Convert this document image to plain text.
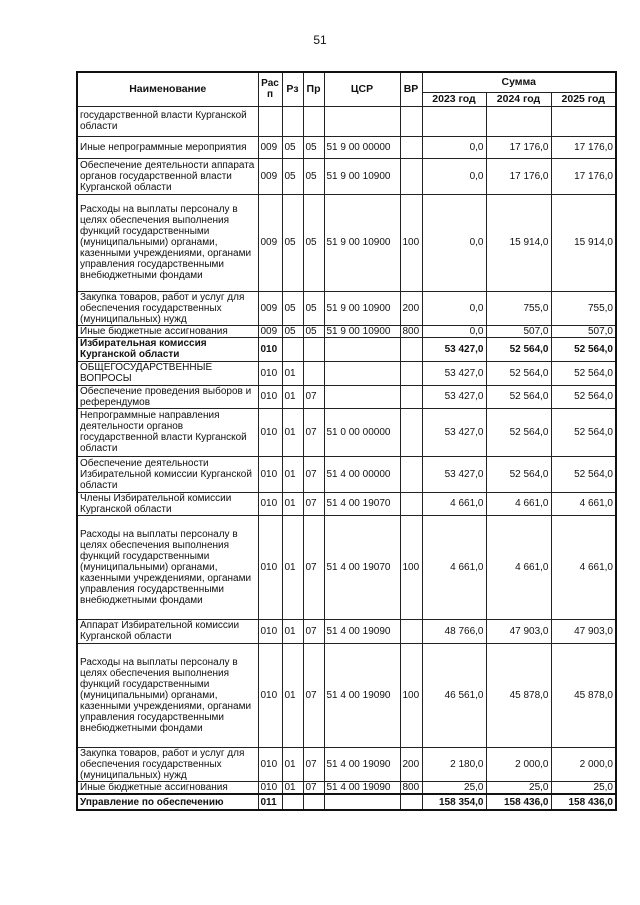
51
Наименование	Рас п	Рз	Пр	ЦСР	ВР	Сумма		
						2023 год	2024 год	2025 год
государственной власти Курганской области								
Иные непрограммные мероприятия	009	05	05	51 9 00 00000		0,0	17 176,0	17 176,0
Обеспечение деятельности аппарата органов государственной власти Курганской области	009	05	05	51 9 00 10900		0,0	17 176,0	17 176,0
Расходы на выплаты персоналу в целях обеспечения выполнения функций государственными (муниципальными) органами, казенными учреждениями, органами управления государственными внебюджетными фондами	009	05	05	51 9 00 10900	100	0,0	15 914,0	15 914,0
Закупка товаров, работ и услуг для обеспечения государственных (муниципальных) нужд	009	05	05	51 9 00 10900	200	0,0	755,0	755,0
Иные бюджетные ассигнования	009	05	05	51 9 00 10900	800	0,0	507,0	507,0
Избирательная комиссия Курганской области	010					53 427,0	52 564,0	52 564,0
ОБЩЕГОСУДАРСТВЕННЫЕ ВОПРОСЫ	010	01				53 427,0	52 564,0	52 564,0
Обеспечение проведения выборов и референдумов	010	01	07			53 427,0	52 564,0	52 564,0
Непрограммные направления деятельности органов государственной власти Курганской области	010	01	07	51 0 00 00000		53 427,0	52 564,0	52 564,0
Обеспечение деятельности Избирательной комиссии Курганской области	010	01	07	51 4 00 00000		53 427,0	52 564,0	52 564,0
Члены Избирательной комиссии Курганской области	010	01	07	51 4 00 19070		4 661,0	4 661,0	4 661,0
Расходы на выплаты персоналу в целях обеспечения выполнения функций государственными (муниципальными) органами, казенными учреждениями, органами управления государственными внебюджетными фондами	010	01	07	51 4 00 19070	100	4 661,0	4 661,0	4 661,0
Аппарат Избирательной комиссии Курганской области	010	01	07	51 4 00 19090		48 766,0	47 903,0	47 903,0
Расходы на выплаты персоналу в целях обеспечения выполнения функций государственными (муниципальными) органами, казенными учреждениями, органами управления государственными внебюджетными фондами	010	01	07	51 4 00 19090	100	46 561,0	45 878,0	45 878,0
Закупка товаров, работ и услуг для обеспечения государственных (муниципальных) нужд	010	01	07	51 4 00 19090	200	2 180,0	2 000,0	2 000,0
Иные бюджетные ассигнования	010	01	07	51 4 00 19090	800	25,0	25,0	25,0
Управление по обеспечению	011					158 354,0	158 436,0	158 436,0
